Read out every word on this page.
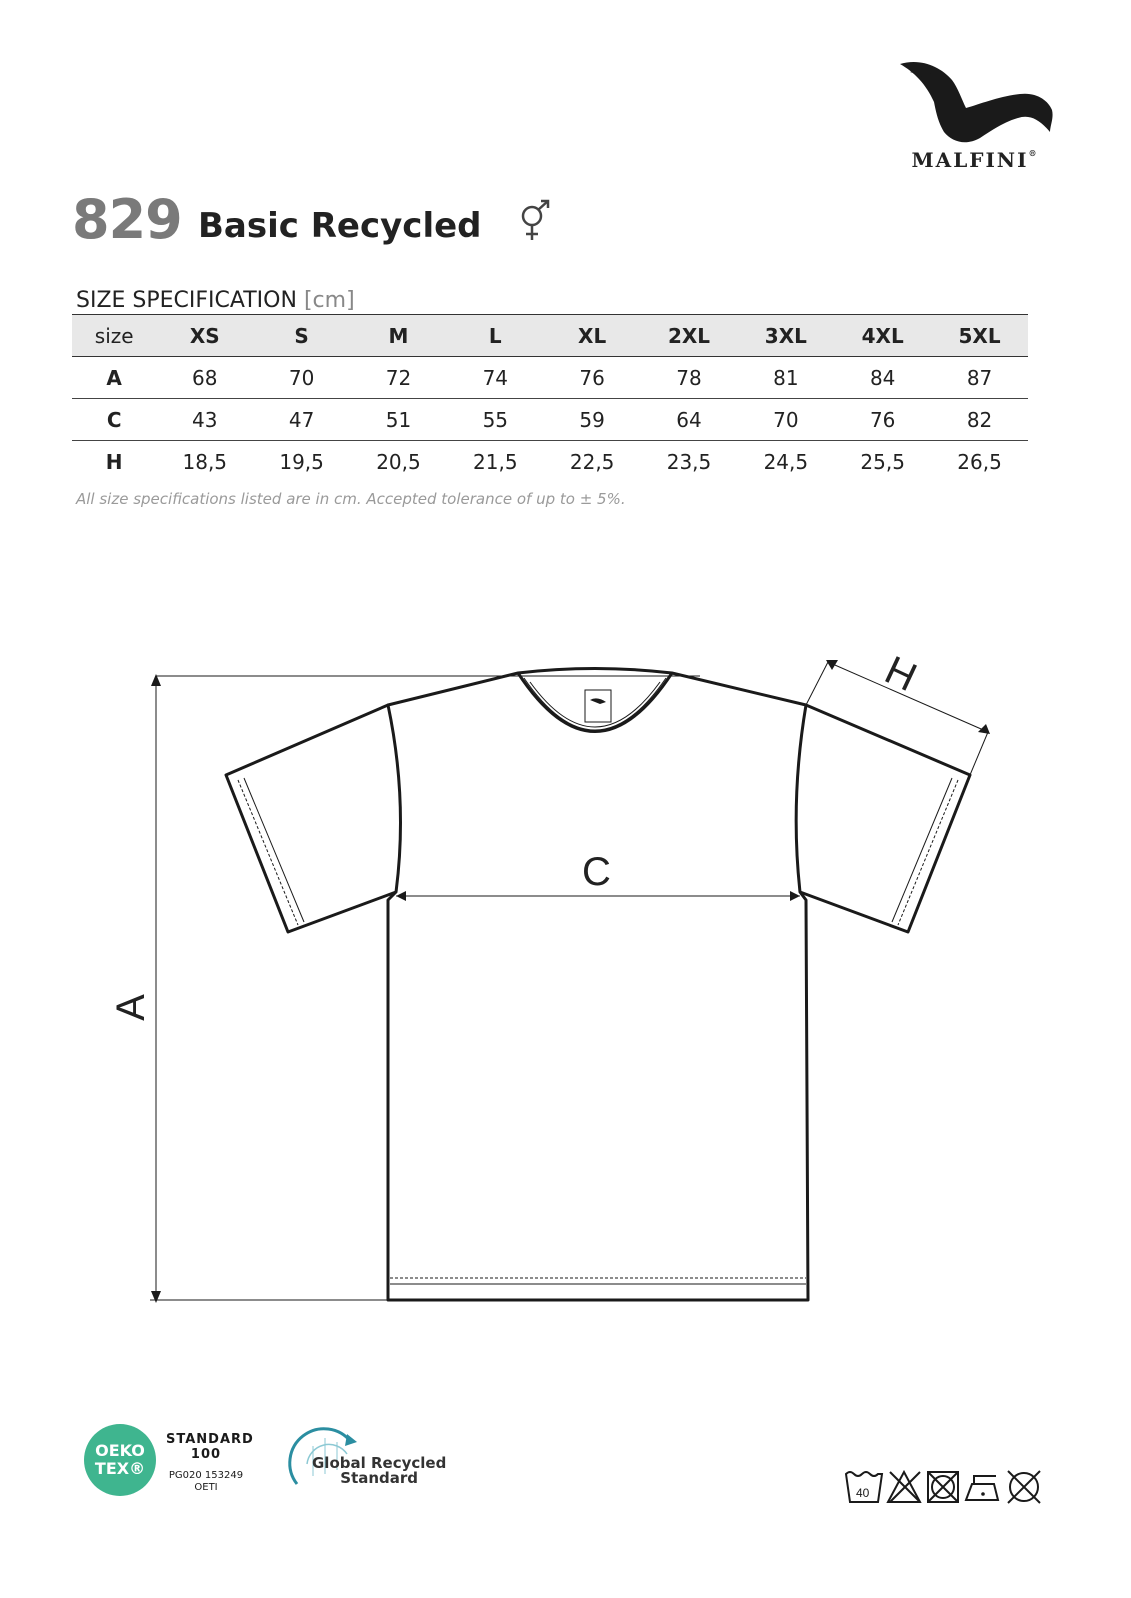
MALFINI®
829 Basic Recycled
SIZE SPECIFICATION [cm]
size	XS	S	M	L	XL	2XL	3XL	4XL	5XL
A	68	70	72	74	76	78	81	84	87
C	43	47	51	55	59	64	70	76	82
H	18,5	19,5	20,5	21,5	22,5	23,5	24,5	25,5	26,5
All size specifications listed are in cm. Accepted tolerance of up to ± 5%.
C
A
H
OEKO
TEX®
STANDARD
100
PG020 153249
OETI
Global Recycled
Standard
40
